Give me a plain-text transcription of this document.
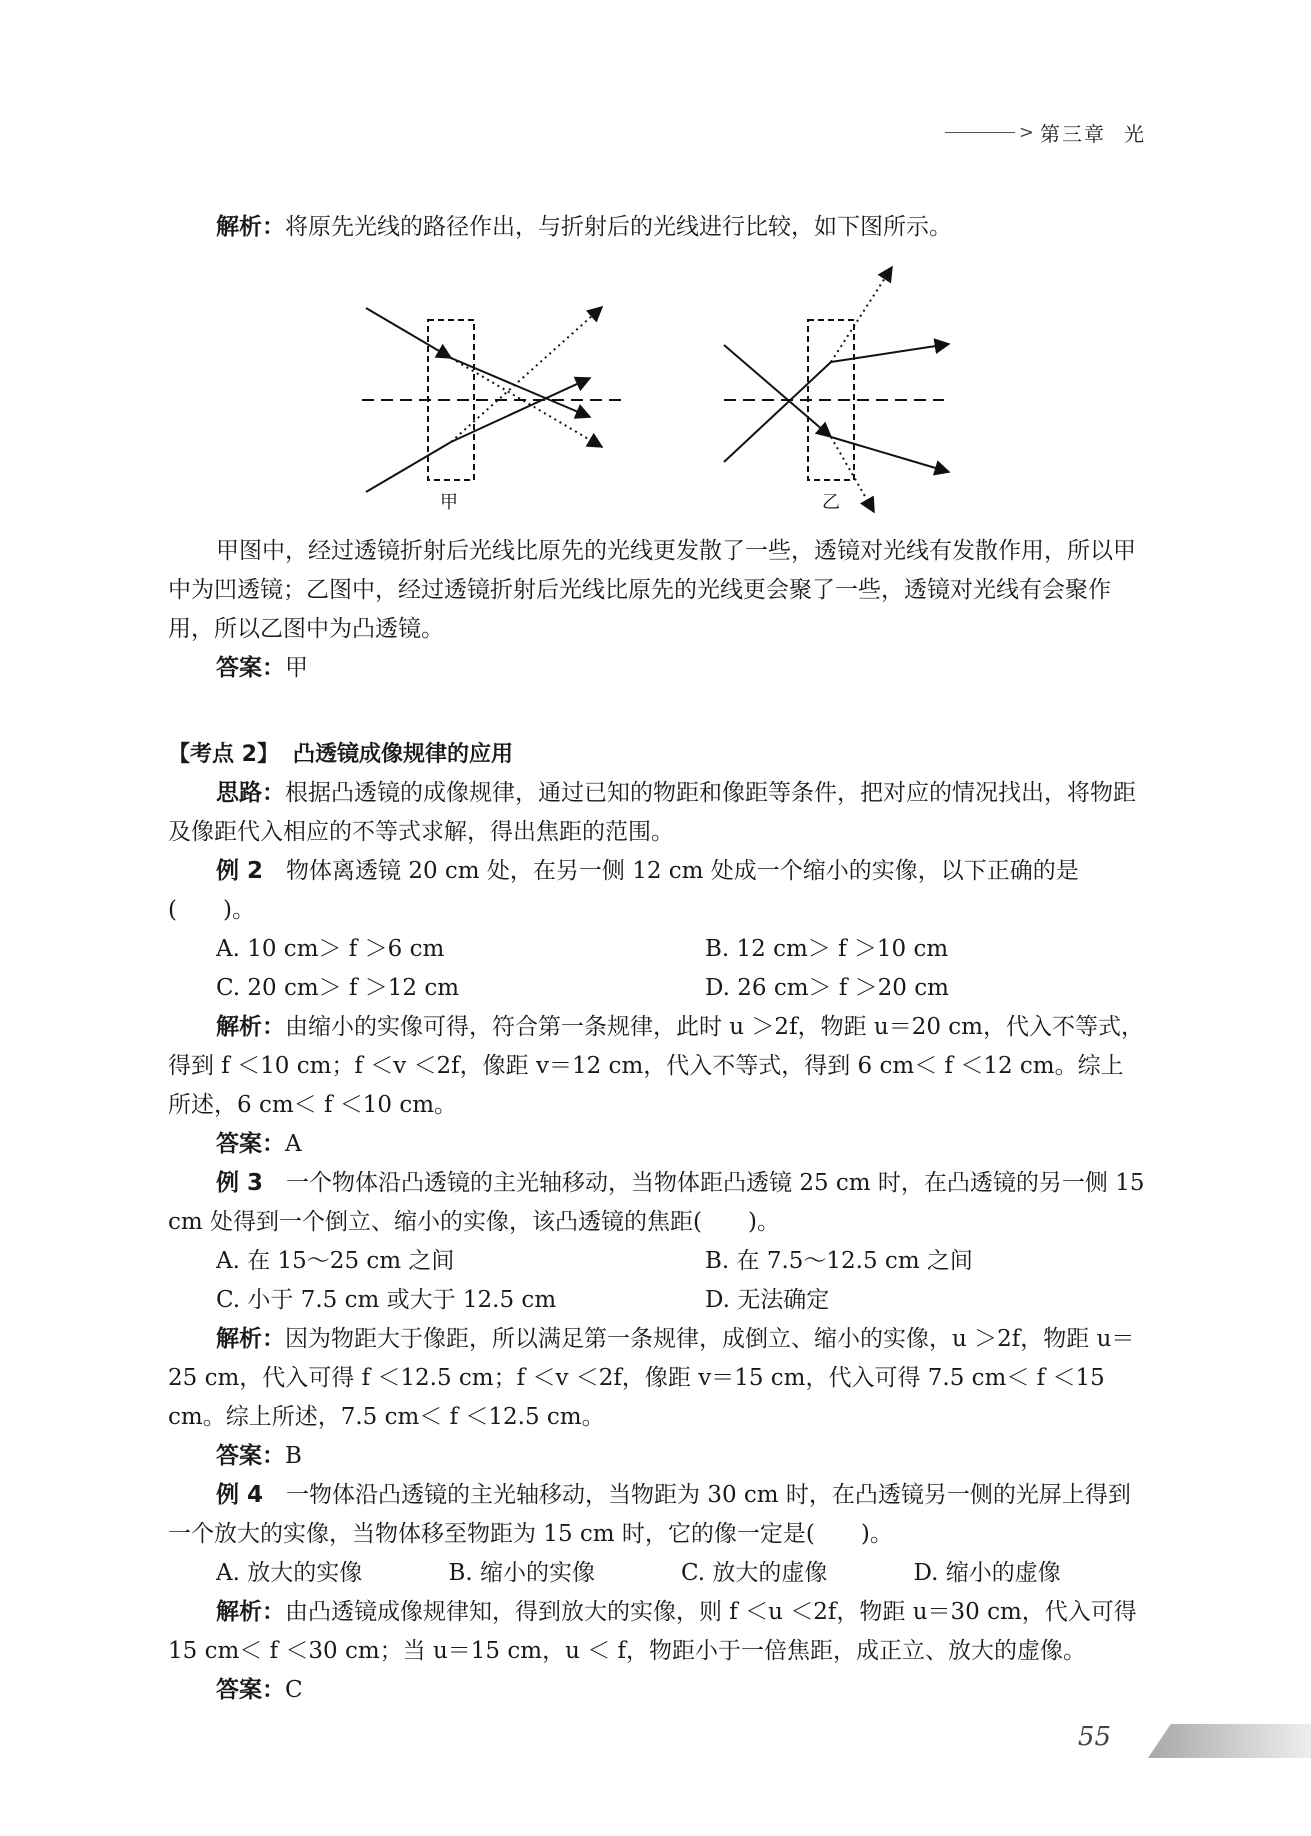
> 第三章 光
解析：将原先光线的路径作出，与折射后的光线进行比较，如下图所示。
甲	乙
甲图中，经过透镜折射后光线比原先的光线更发散了一些，透镜对光线有发散作用，所以甲中为凹透镜；乙图中，经过透镜折射后光线比原先的光线更会聚了一些，透镜对光线有会聚作用，所以乙图中为凸透镜。
答案：甲
【考点 2】 凸透镜成像规律的应用
思路：根据凸透镜的成像规律，通过已知的物距和像距等条件，把对应的情况找出，将物距及像距代入相应的不等式求解，得出焦距的范围。
例 2　 物体离透镜 20 cm 处，在另一侧 12 cm 处成一个缩小的实像，以下正确的是(　　)。
A. 10 cm＞ f ＞6 cm	B. 12 cm＞ f ＞10 cm
C. 20 cm＞ f ＞12 cm	D. 26 cm＞ f ＞20 cm
解析：由缩小的实像可得，符合第一条规律，此时 u ＞2f，物距 u＝20 cm，代入不等式，得到 f ＜10 cm；f ＜v ＜2f，像距 v＝12 cm，代入不等式，得到 6 cm＜ f ＜12 cm。综上所述，6 cm＜ f ＜10 cm。
答案：A
例 3　 一个物体沿凸透镜的主光轴移动，当物体距凸透镜 25 cm 时，在凸透镜的另一侧 15 cm 处得到一个倒立、缩小的实像，该凸透镜的焦距(　　)。
A. 在 15～25 cm 之间	B. 在 7.5～12.5 cm 之间
C. 小于 7.5 cm 或大于 12.5 cm	D. 无法确定
解析：因为物距大于像距，所以满足第一条规律，成倒立、缩小的实像，u ＞2f，物距 u＝25 cm，代入可得 f ＜12.5 cm；f ＜v ＜2f，像距 v＝15 cm，代入可得 7.5 cm＜ f ＜15 cm。综上所述，7.5 cm＜ f ＜12.5 cm。
答案：B
例 4　 一物体沿凸透镜的主光轴移动，当物距为 30 cm 时，在凸透镜另一侧的光屏上得到一个放大的实像，当物体移至物距为 15 cm 时，它的像一定是(　　)。
A. 放大的实像	B. 缩小的实像	C. 放大的虚像	D. 缩小的虚像
解析：由凸透镜成像规律知，得到放大的实像，则 f ＜u ＜2f，物距 u＝30 cm，代入可得 15 cm＜ f ＜30 cm；当 u＝15 cm，u ＜ f，物距小于一倍焦距，成正立、放大的虚像。
答案：C
55
